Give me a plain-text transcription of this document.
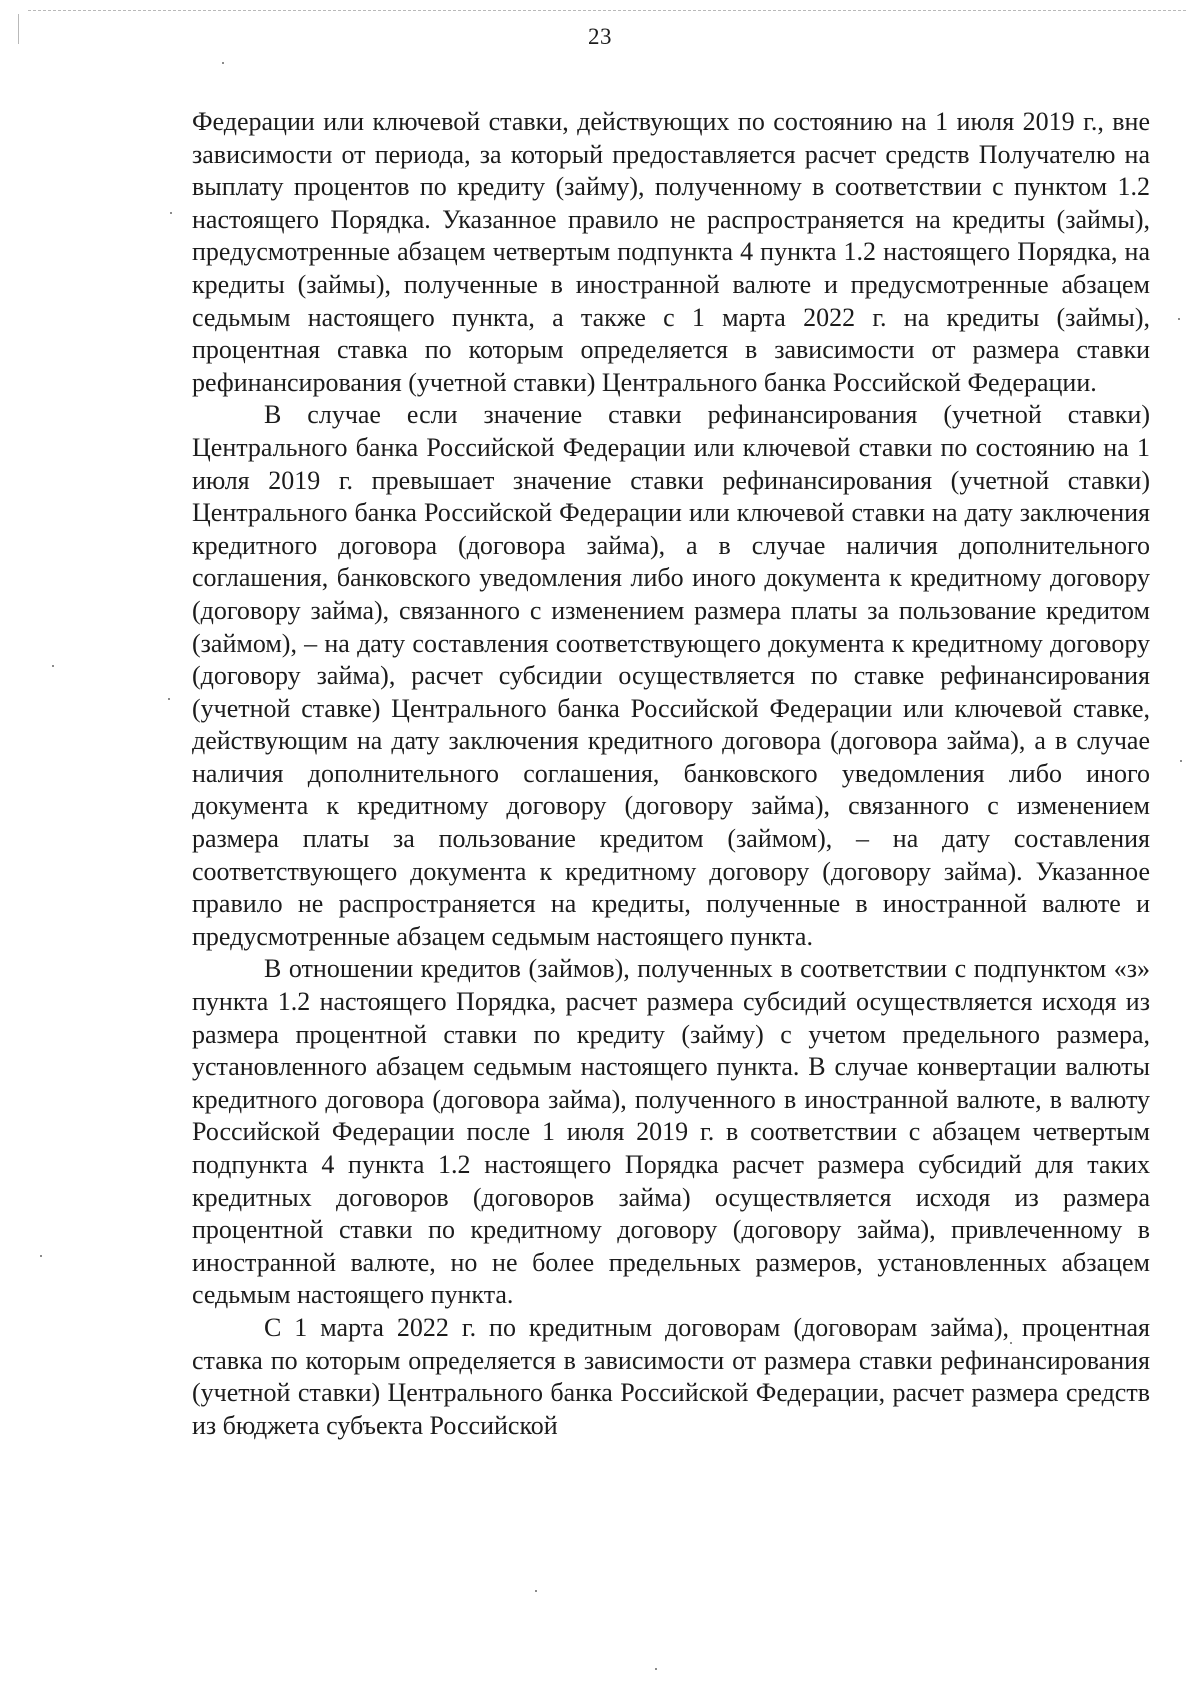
23

Федерации или ключевой ставки, действующих по состоянию на 1 июля 2019 г., вне зависимости от периода, за который предоставляется расчет средств Получателю на выплату процентов по кредиту (займу), полученному в соответствии с пунктом 1.2 настоящего Порядка. Указанное правило не распространяется на кредиты (займы), предусмотренные абзацем четвертым подпункта 4 пункта 1.2 настоящего Порядка, на кредиты (займы), полученные в иностранной валюте и предусмотренные абзацем седьмым настоящего пункта, а также с 1 марта 2022 г. на кредиты (займы), процентная ставка по которым определяется в зависимости от размера ставки рефинансирования (учетной ставки) Центрального банка Российской Федерации.

В случае если значение ставки рефинансирования (учетной ставки) Центрального банка Российской Федерации или ключевой ставки по состоянию на 1 июля 2019 г. превышает значение ставки рефинансирования (учетной ставки) Центрального банка Российской Федерации или ключевой ставки на дату заключения кредитного договора (договора займа), а в случае наличия дополнительного соглашения, банковского уведомления либо иного документа к кредитному договору (договору займа), связанного с изменением размера платы за пользование кредитом (займом), – на дату составления соответствующего документа к кредитному договору (договору займа), расчет субсидии осуществляется по ставке рефинансирования (учетной ставке) Центрального банка Российской Федерации или ключевой ставке, действующим на дату заключения кредитного договора (договора займа), а в случае наличия дополнительного соглашения, банковского уведомления либо иного документа к кредитному договору (договору займа), связанного с изменением размера платы за пользование кредитом (займом), – на дату составления соответствующего документа к кредитному договору (договору займа). Указанное правило не распространяется на кредиты, полученные в иностранной валюте и предусмотренные абзацем седьмым настоящего пункта.

В отношении кредитов (займов), полученных в соответствии с подпунктом «з» пункта 1.2 настоящего Порядка, расчет размера субсидий осуществляется исходя из размера процентной ставки по кредиту (займу) с учетом предельного размера, установленного абзацем седьмым настоящего пункта. В случае конвертации валюты кредитного договора (договора займа), полученного в иностранной валюте, в валюту Российской Федерации после 1 июля 2019 г. в соответствии с абзацем четвертым подпункта 4 пункта 1.2 настоящего Порядка расчет размера субсидий для таких кредитных договоров (договоров займа) осуществляется исходя из размера процентной ставки по кредитному договору (договору займа), привлеченному в иностранной валюте, но не более предельных размеров, установленных абзацем седьмым настоящего пункта.

С 1 марта 2022 г. по кредитным договорам (договорам займа), процентная ставка по которым определяется в зависимости от размера ставки рефинансирования (учетной ставки) Центрального банка Российской Федерации, расчет размера средств из бюджета субъекта Российской
